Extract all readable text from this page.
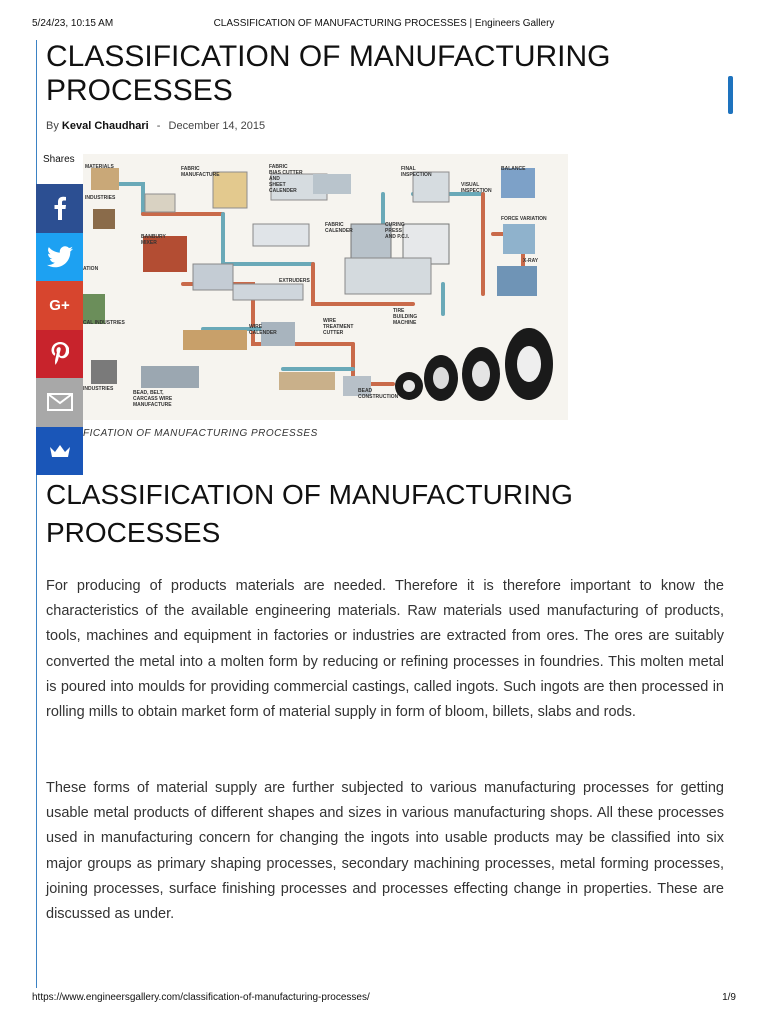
5/24/23, 10:15 AM	CLASSIFICATION OF MANUFACTURING PROCESSES | Engineers Gallery
CLASSIFICATION OF MANUFACTURING PROCESSES
By Keval Chaudhari - December 14, 2015
Shares
MATERIALS
INDUSTRIES
FABRIC
MANUFACTURE
FABRIC
BIAS CUTTER
AND
SHEET
CALENDER
FINAL
INSPECTION
BALANCE
VISUAL
INSPECTION
BANBURY
MIXER
FABRIC
CALENDER
CURING
PRESS
AND P.C.I.
FORCE VARIATION
X-RAY
EXTRUDERS
TIRE
BUILDING
MACHINE
WIRE
CALENDER
WIRE
TREATMENT
CUTTER
ATION
CAL INDUSTRIES
INDUSTRIES
BEAD, BELT,
CARCASS WIRE
MANUFACTURE
BEAD
CONSTRUCTION
FICATION OF MANUFACTURING PROCESSES
G+
CLASSIFICATION OF MANUFACTURING PROCESSES

For producing of products materials are needed. Therefore it is therefore important to know the characteristics of the available engineering materials. Raw materials used manufacturing of products, tools, machines and equipment in factories or industries are extracted from ores. The ores are suitably converted the metal into a molten form by reducing or refining processes in foundries. This molten metal is poured into moulds for providing commercial castings, called ingots. Such ingots are then processed in rolling mills to obtain market form of material supply in form of bloom, billets, slabs and rods.

These forms of material supply are further subjected to various manufacturing processes for getting usable metal products of different shapes and sizes in various manufacturing shops. All these processes used in manufacturing concern for changing the ingots into usable products may be classified into six major groups as primary shaping processes, secondary machining processes, metal forming processes, joining processes, surface finishing processes and processes effecting change in properties. These are discussed as under.

https://www.engineersgallery.com/classification-of-manufacturing-processes/	1/9
